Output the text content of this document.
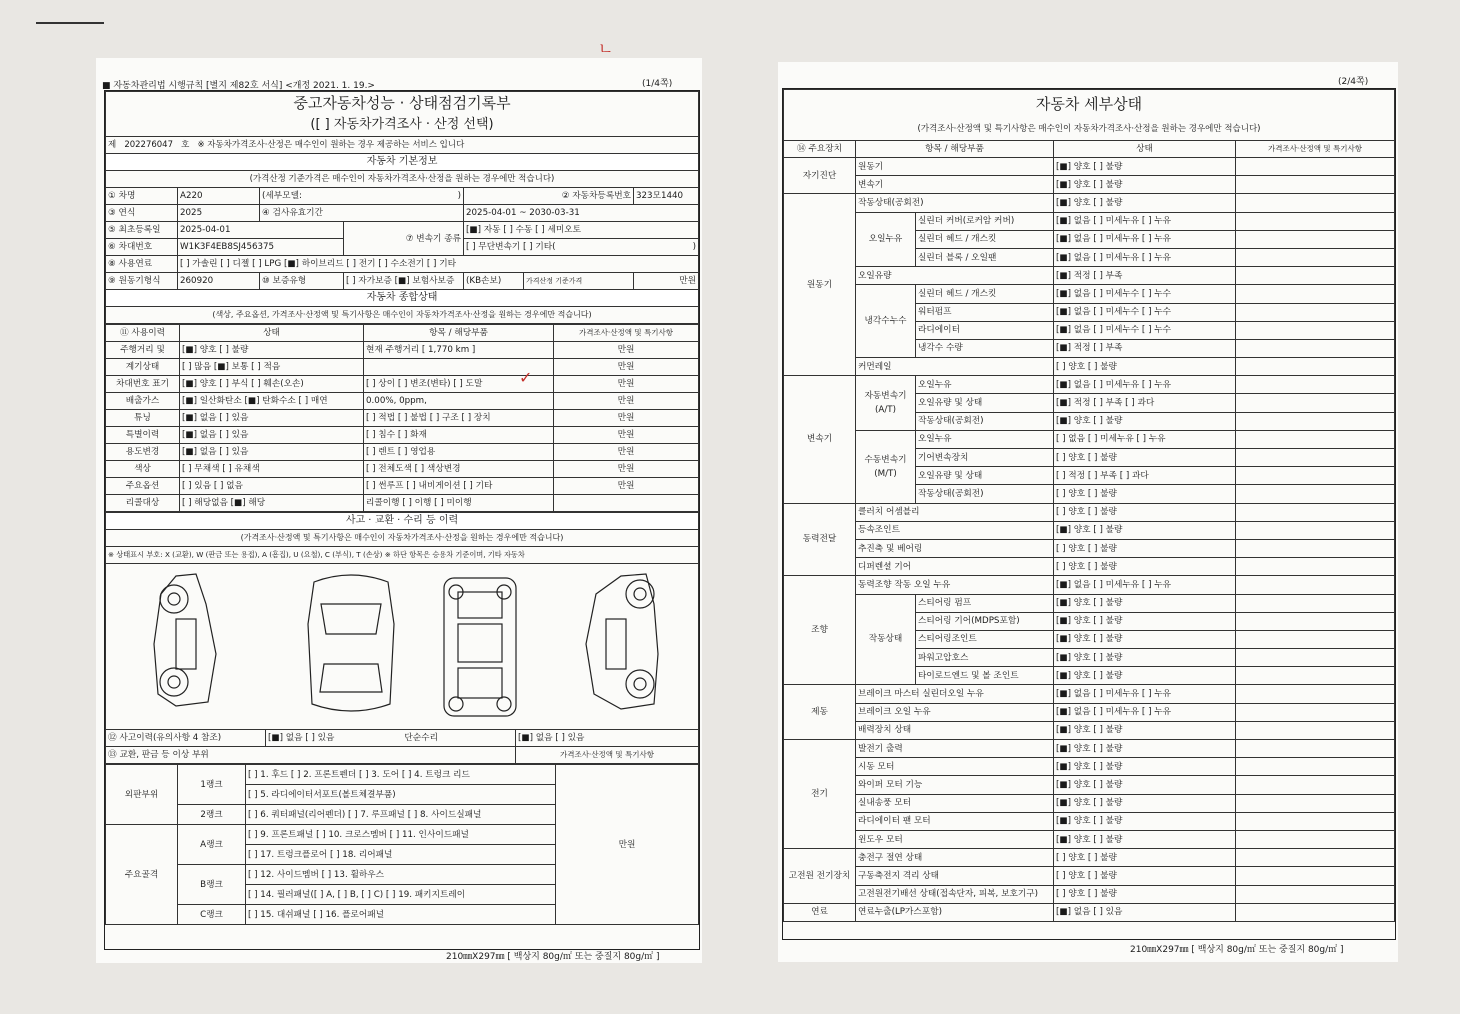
■ 자동차관리법 시행규칙 [별지 제82호 서식] <개정 2021. 1. 19.>	(1/4쪽)
중고자동차성능 · 상태점검기록부						
([ ] 자동차가격조사 · 산정 선택)						
제 202276047 호 ※ 자동차가격조사·산정은 매수인이 원하는 경우 제공하는 서비스 입니다						
자동차 기본정보						
(가격산정 기준가격은 매수인이 자동차가격조사·산정을 원하는 경우에만 적습니다)						
① 차명	A220	(세부모델: )		② 자동차등록번호		323모1440
③ 연식	2025	④ 검사유효기간		2025-04-01 ~ 2030-03-31		
⑤ 최초등록일	2025-04-01		⑦ 변속기 종류	[■] 자동 [ ] 수동 [ ] 세미오토		
⑥ 차대번호	W1K3F4EB8SJ456375			[ ] 무단변속기 [ ] 기타( )		

⑧ 사용연료	[ ] 가솔린 [ ] 디젤 [ ] LPG [■] 하이브리드 [ ] 전기 [ ] 수소전기 [ ] 기타					
⑨ 원동기형식	260920	⑩ 보증유형	[ ] 자가보증 [■] 보험사보증	(KB손보)	가격산정 기준가격	만원
자동차 종합상태						
(색상, 주요옵션, 가격조사·산정액 및 특기사항은 매수인이 자동차가격조사·산정을 원하는 경우에만 적습니다)						
⑪ 사용이력	상태	항목 / 해당부품	가격조사·산정액 및 특기사항
주행거리 및	[■] 양호 [ ] 불량	현재 주행거리 [ 1,770 km ]	만원
계기상태	[ ] 많음 [■] 보통 [ ] 적음		만원
차대번호 표기	[■] 양호 [ ] 부식 [ ] 훼손(오손)	[ ] 상이 [ ] 변조(변타) [ ] 도말	만원
배출가스	[■] 일산화탄소 [■] 탄화수소 [ ] 매연	0.00%, 0ppm,	만원
튜닝	[■] 없음 [ ] 있음	[ ] 적법 [ ] 불법 [ ] 구조 [ ] 장치	만원
특별이력	[■] 없음 [ ] 있음	[ ] 침수 [ ] 화재	만원
용도변경	[■] 없음 [ ] 있음	[ ] 렌트 [ ] 영업용	만원
색상	[ ] 무채색 [ ] 유채색	[ ] 전체도색 [ ] 색상변경	만원
주요옵션	[ ] 있음 [ ] 없음	[ ] 썬루프 [ ] 내비게이션 [ ] 기타	만원
리콜대상	[ ] 해당없음 [■] 해당	리콜이행 [ ] 이행 [ ] 미이행	
사고 · 교환 · 수리 등 이력		
(가격조사·산정액 및 특기사항은 매수인이 자동차가격조사·산정을 원하는 경우에만 적습니다)		
※ 상태표시 부호: X (교환), W (판금 또는 용접), A (흠집), U (요철), C (부식), T (손상) ※ 하단 항목은 승용차 기준이며, 기타 자동차		

⑫ 사고이력(유의사항 4 참조)	[■] 없음 [ ] 있음 단순수리	[■] 없음 [ ] 있음
⑬ 교환, 판금 등 이상 부위		가격조사·산정액 및 특기사항
외판부위	1랭크	[ ] 1. 후드 [ ] 2. 프론트펜더 [ ] 3. 도어 [ ] 4. 트렁크 리드	만원
		[ ] 5. 라디에이터서포트(볼트체결부품)	
	2랭크	[ ] 6. 쿼터패널(리어펜더) [ ] 7. 루프패널 [ ] 8. 사이드실패널	
주요골격	A랭크	[ ] 9. 프론트패널 [ ] 10. 크로스멤버 [ ] 11. 인사이드패널	
		[ ] 17. 트렁크플로어 [ ] 18. 리어패널	
	B랭크	[ ] 12. 사이드멤버 [ ] 13. 휠하우스	
		[ ] 14. 필러패널([ ] A, [ ] B, [ ] C) [ ] 19. 패키지트레이	
	C랭크	[ ] 15. 대쉬패널 [ ] 16. 플로어패널	
210㎜X297㎜ [ 백상지 80g/㎡ 또는 중질지 80g/㎡ ]
(2/4쪽)
자동차 세부상태				
(가격조사·산정액 및 특기사항은 매수인이 자동차가격조사·산정을 원하는 경우에만 적습니다)				
⑭ 주요장치	항목 / 해당부품		상태	가격조사·산정액 및 특기사항
자기진단	원동기		[■] 양호 [ ] 불량	
	변속기		[■] 양호 [ ] 불량	
원동기	작동상태(공회전)		[■] 양호 [ ] 불량	
	오일누유	실린더 커버(로커암 커버)	[■] 없음 [ ] 미세누유 [ ] 누유	
		실린더 헤드 / 개스킷	[■] 없음 [ ] 미세누유 [ ] 누유	
		실린더 블록 / 오일팬	[■] 없음 [ ] 미세누유 [ ] 누유	
	오일유량		[■] 적정 [ ] 부족	
	냉각수누수	실린더 헤드 / 개스킷	[■] 없음 [ ] 미세누수 [ ] 누수	
		워터펌프	[■] 없음 [ ] 미세누수 [ ] 누수	
		라디에이터	[■] 없음 [ ] 미세누수 [ ] 누수	
		냉각수 수량	[■] 적정 [ ] 부족	
	커먼레일		[ ] 양호 [ ] 불량	
변속기	자동변속기 (A/T)	오일누유	[■] 없음 [ ] 미세누유 [ ] 누유	
		오일유량 및 상태	[■] 적정 [ ] 부족 [ ] 과다	
		작동상태(공회전)	[■] 양호 [ ] 불량	
	수동변속기 (M/T)	오일누유	[ ] 없음 [ ] 미세누유 [ ] 누유	
		기어변속장치	[ ] 양호 [ ] 불량	
		오일유량 및 상태	[ ] 적정 [ ] 부족 [ ] 과다	
		작동상태(공회전)	[ ] 양호 [ ] 불량	
동력전달	클러치 어셈블리		[ ] 양호 [ ] 불량	
	등속조인트		[■] 양호 [ ] 불량	
	추진축 및 베어링		[ ] 양호 [ ] 불량	
	디퍼렌셜 기어		[ ] 양호 [ ] 불량	
조향	동력조향 작동 오일 누유		[■] 없음 [ ] 미세누유 [ ] 누유	
	작동상태	스티어링 펌프	[■] 양호 [ ] 불량	
		스티어링 기어(MDPS포함)	[■] 양호 [ ] 불량	
		스티어링조인트	[■] 양호 [ ] 불량	
		파워고압호스	[■] 양호 [ ] 불량	
		타이로드엔드 및 볼 조인트	[■] 양호 [ ] 불량	
제동	브레이크 마스터 실린더오일 누유		[■] 없음 [ ] 미세누유 [ ] 누유	
	브레이크 오일 누유		[■] 없음 [ ] 미세누유 [ ] 누유	
	배력장치 상태		[■] 양호 [ ] 불량	
전기	발전기 출력		[■] 양호 [ ] 불량	
	시동 모터		[■] 양호 [ ] 불량	
	와이퍼 모터 기능		[■] 양호 [ ] 불량	
	실내송풍 모터		[■] 양호 [ ] 불량	
	라디에이터 팬 모터		[■] 양호 [ ] 불량	
	윈도우 모터		[■] 양호 [ ] 불량	
고전원 전기장치	충전구 절연 상태		[ ] 양호 [ ] 불량	
	구동축전지 격리 상태		[ ] 양호 [ ] 불량	
	고전원전기배선 상태(접속단자, 피복, 보호기구)		[ ] 양호 [ ] 불량	
연료	연료누출(LP가스포함)		[■] 없음 [ ] 있음	
210㎜X297㎜ [ 백상지 80g/㎡ 또는 중질지 80g/㎡ ]
ㄴ
✓
